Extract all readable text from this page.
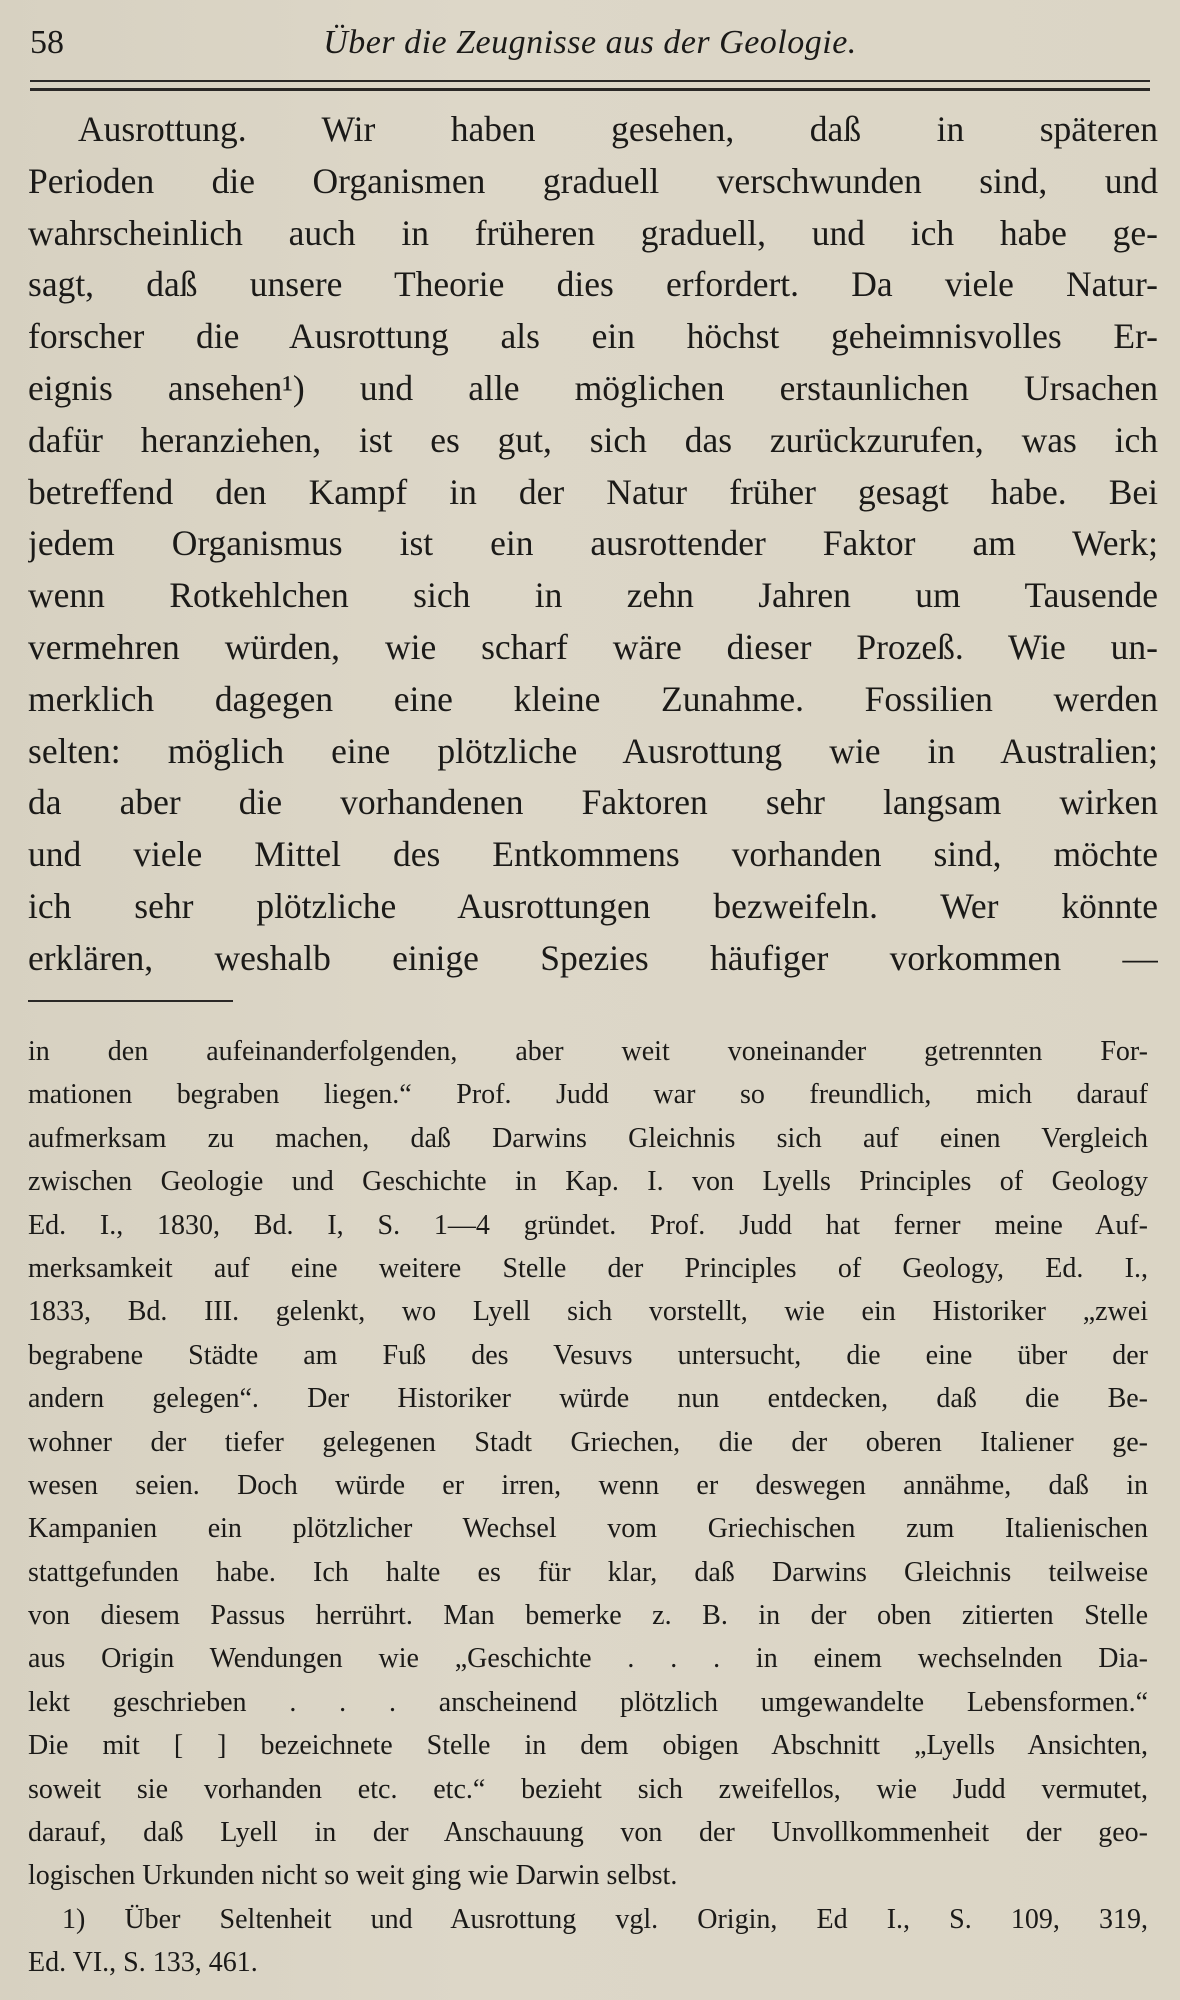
58	Über die Zeugnisse aus der Geologie.
Ausrottung. Wir haben gesehen, daß in späteren
Perioden die Organismen graduell verschwunden sind, und
wahrscheinlich auch in früheren graduell, und ich habe ge-
sagt, daß unsere Theorie dies erfordert. Da viele Natur-
forscher die Ausrottung als ein höchst geheimnisvolles Er-
eignis ansehen¹) und alle möglichen erstaunlichen Ursachen
dafür heranziehen, ist es gut, sich das zurückzurufen, was ich
betreffend den Kampf in der Natur früher gesagt habe. Bei
jedem Organismus ist ein ausrottender Faktor am Werk;
wenn Rotkehlchen sich in zehn Jahren um Tausende
vermehren würden, wie scharf wäre dieser Prozeß. Wie un-
merklich dagegen eine kleine Zunahme. Fossilien werden
selten: möglich eine plötzliche Ausrottung wie in Australien;
da aber die vorhandenen Faktoren sehr langsam wirken
und viele Mittel des Entkommens vorhanden sind, möchte
ich sehr plötzliche Ausrottungen bezweifeln. Wer könnte
erklären, weshalb einige Spezies häufiger vorkommen —
in den aufeinanderfolgenden, aber weit voneinander getrennten For-
mationen begraben liegen.“ Prof. Judd war so freundlich, mich darauf
aufmerksam zu machen, daß Darwins Gleichnis sich auf einen Vergleich
zwischen Geologie und Geschichte in Kap. I. von Lyells Principles of Geology
Ed. I., 1830, Bd. I, S. 1—4 gründet. Prof. Judd hat ferner meine Auf-
merksamkeit auf eine weitere Stelle der Principles of Geology, Ed. I.,
1833, Bd. III. gelenkt, wo Lyell sich vorstellt, wie ein Historiker „zwei
begrabene Städte am Fuß des Vesuvs untersucht, die eine über der
andern gelegen“. Der Historiker würde nun entdecken, daß die Be-
wohner der tiefer gelegenen Stadt Griechen, die der oberen Italiener ge-
wesen seien. Doch würde er irren, wenn er deswegen annähme, daß in
Kampanien ein plötzlicher Wechsel vom Griechischen zum Italienischen
stattgefunden habe. Ich halte es für klar, daß Darwins Gleichnis teilweise
von diesem Passus herrührt. Man bemerke z. B. in der oben zitierten Stelle
aus Origin Wendungen wie „Geschichte . . . in einem wechselnden Dia-
lekt geschrieben . . . anscheinend plötzlich umgewandelte Lebensformen.“
Die mit [ ] bezeichnete Stelle in dem obigen Abschnitt „Lyells Ansichten,
soweit sie vorhanden etc. etc.“ bezieht sich zweifellos, wie Judd vermutet,
darauf, daß Lyell in der Anschauung von der Unvollkommenheit der geo-
logischen Urkunden nicht so weit ging wie Darwin selbst.
1) Über Seltenheit und Ausrottung vgl. Origin, Ed I., S. 109, 319,
Ed. VI., S. 133, 461.
